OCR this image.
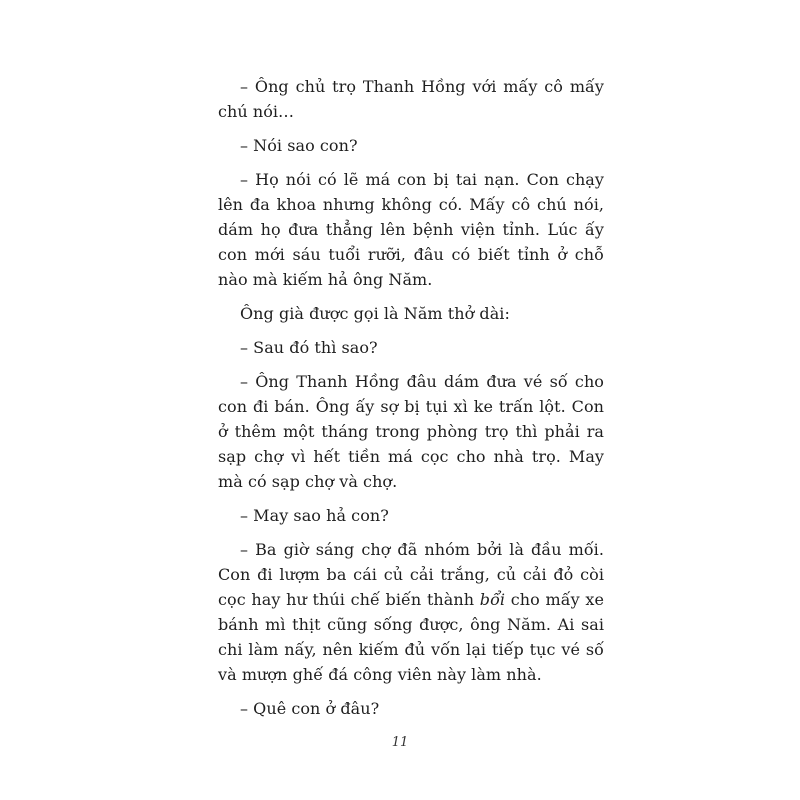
– Ông chủ trọ Thanh Hồng với mấy cô mấy chú nói…

– Nói sao con?

– Họ nói có lẽ má con bị tai nạn. Con chạy lên đa khoa nhưng không có. Mấy cô chú nói, dám họ đưa thẳng lên bệnh viện tỉnh. Lúc ấy con mới sáu tuổi rưỡi, đâu có biết tỉnh ở chỗ nào mà kiếm hả ông Năm.

Ông già được gọi là Năm thở dài:

– Sau đó thì sao?

– Ông Thanh Hồng đâu dám đưa vé số cho con đi bán. Ông ấy sợ bị tụi xì ke trấn lột. Con ở thêm một tháng trong phòng trọ thì phải ra sạp chợ vì hết tiền má cọc cho nhà trọ. May mà có sạp chợ và chợ.

– May sao hả con?

– Ba giờ sáng chợ đã nhóm bởi là đầu mối. Con đi lượm ba cái củ cải trắng, củ cải đỏ còi cọc hay hư thúi chế biến thành bổi cho mấy xe bánh mì thịt cũng sống được, ông Năm. Ai sai chi làm nấy, nên kiếm đủ vốn lại tiếp tục vé số và mượn ghế đá công viên này làm nhà.

– Quê con ở đâu?

11
